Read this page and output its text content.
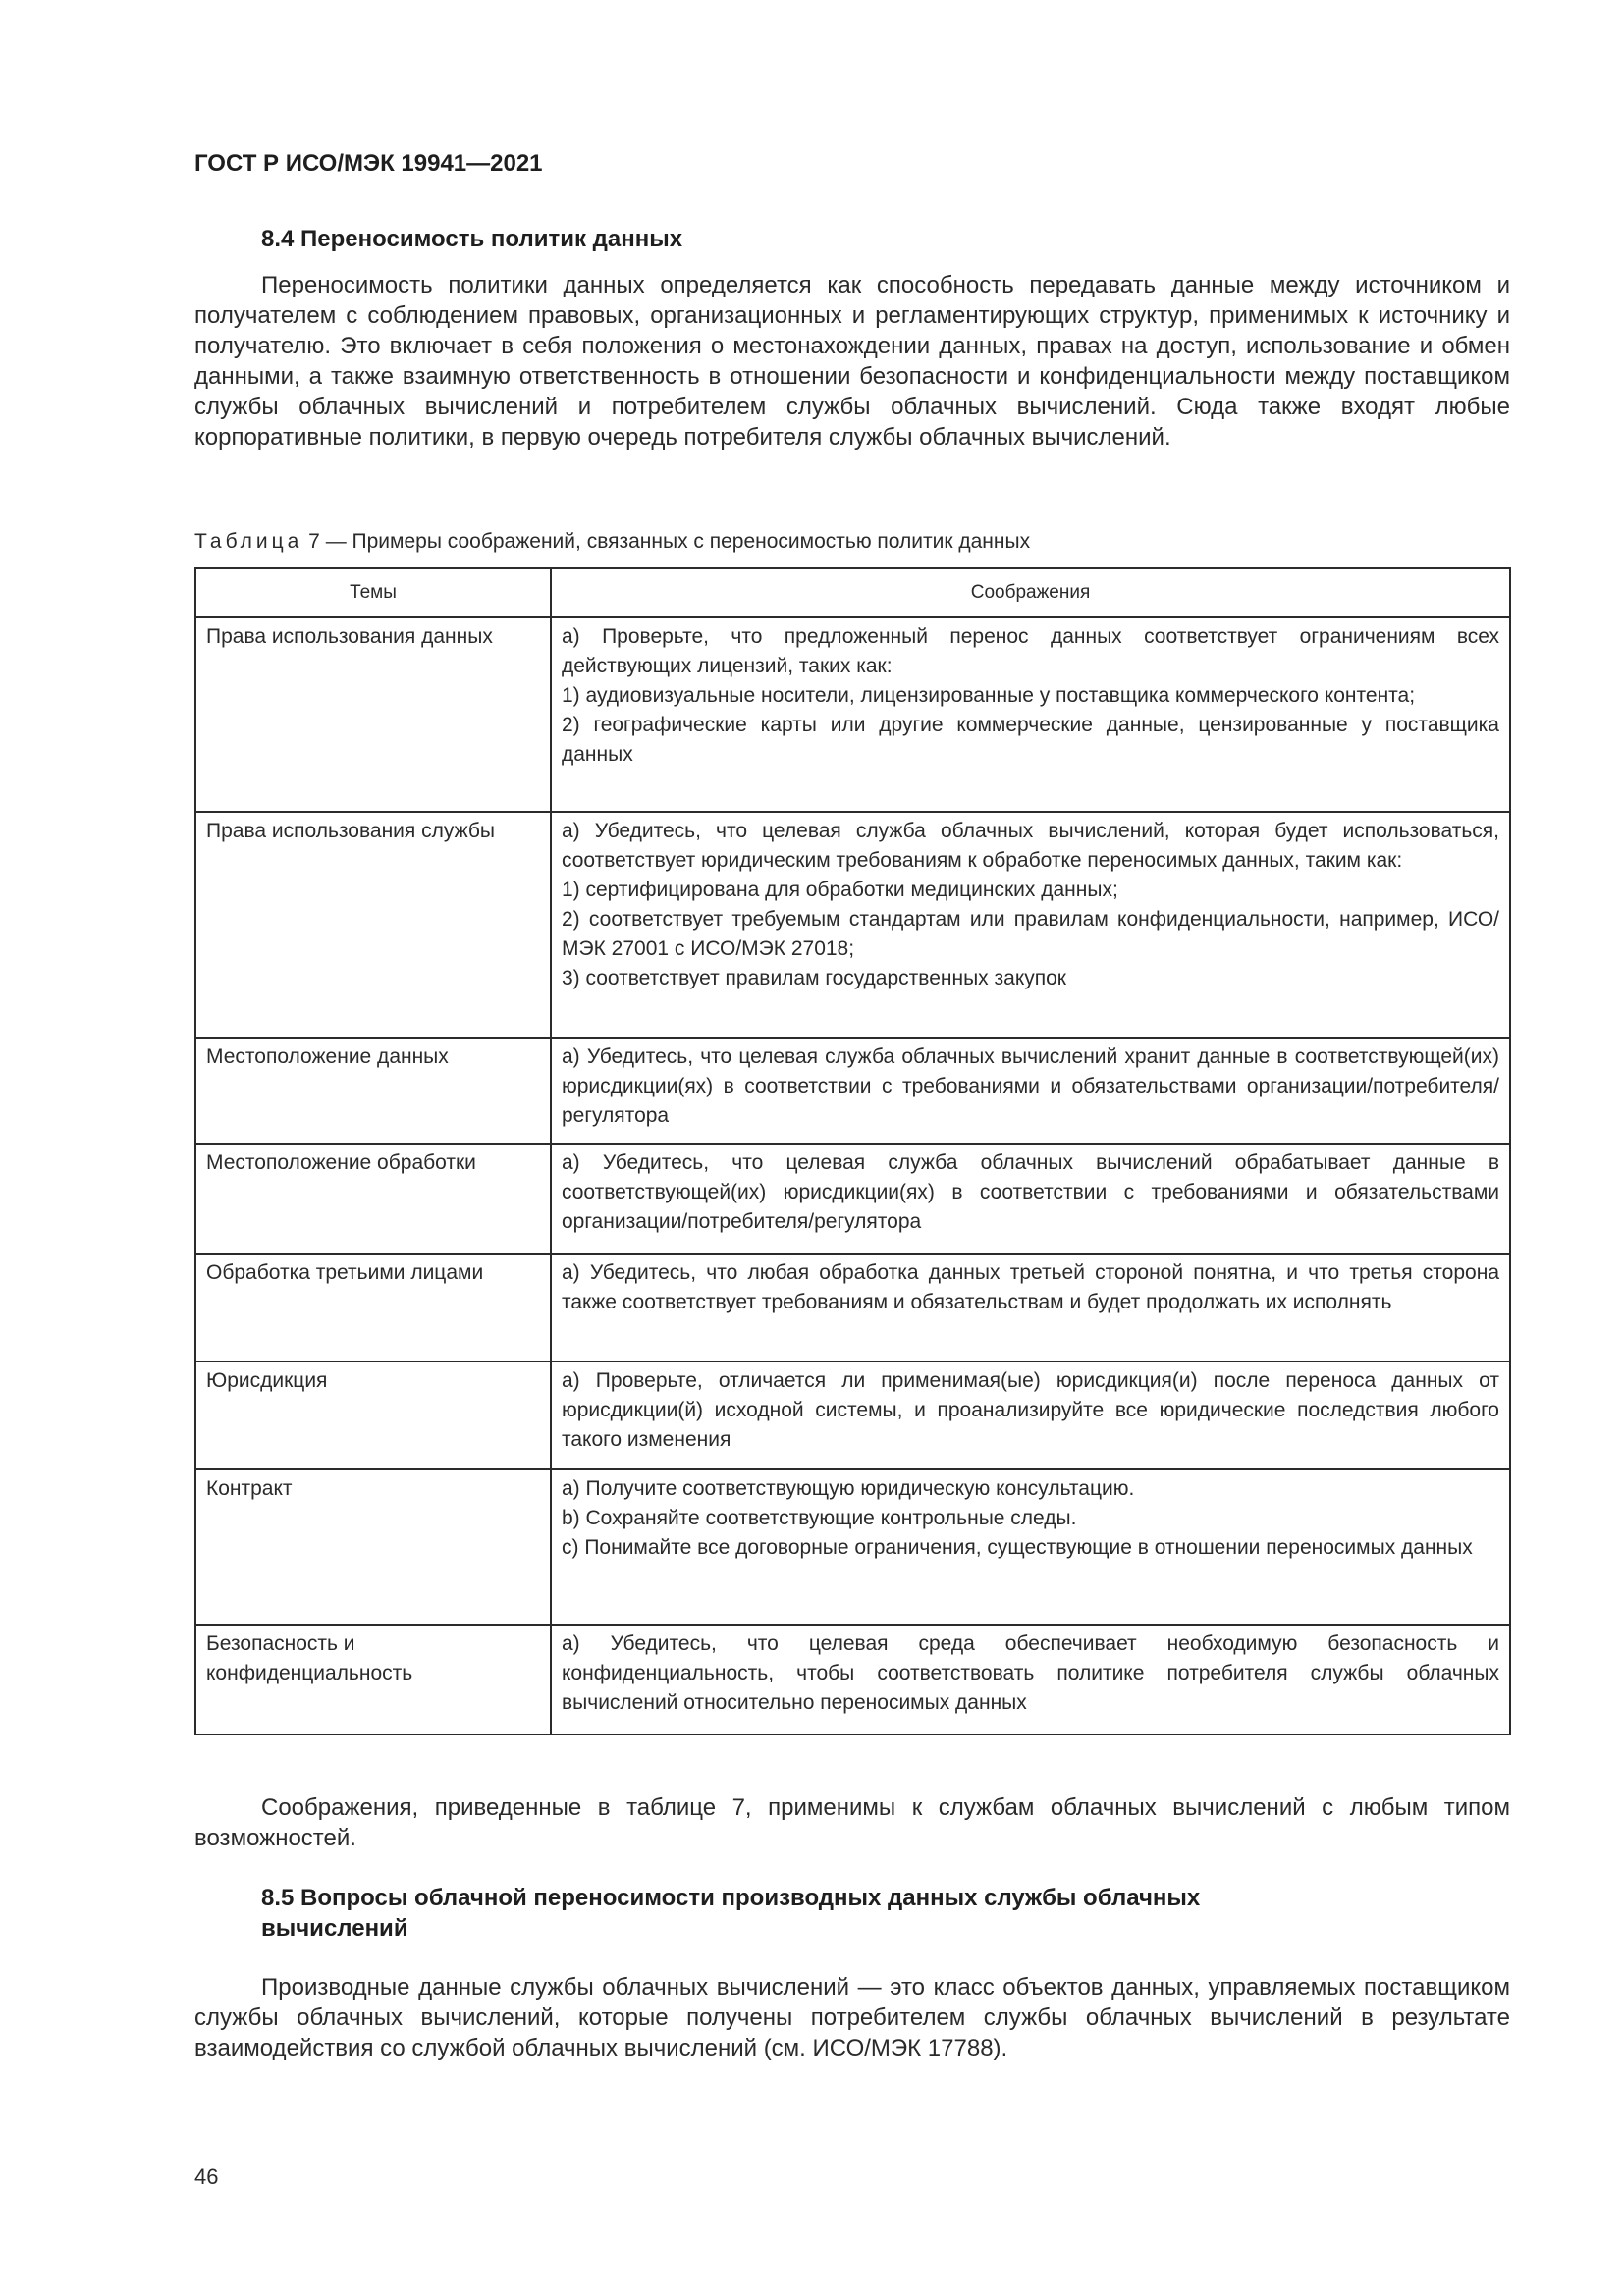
ГОСТ Р ИСО/МЭК 19941—2021
8.4 Переносимость политик данных

Переносимость политики данных определяется как способность передавать данные между источником и получателем с соблюдением правовых, организационных и регламентирующих структур, применимых к источнику и получателю. Это включает в себя положения о местонахождении данных, правах на доступ, использование и обмен данными, а также взаимную ответственность в отношении безопасности и конфиденциальности между поставщиком службы облачных вычислений и потребителем службы облачных вычислений. Сюда также входят любые корпоративные политики, в первую очередь потребителя службы облачных вычислений.

Таблица 7 — Примеры соображений, связанных с переносимостью политик данных
Темы	Соображения
Права использования данных	а) Проверьте, что предложенный перенос данных соответствует ограничениям всех действующих лицензий, таких как:
1) аудиовизуальные носители, лицензированные у поставщика коммерческого контента;
2) географические карты или другие коммерческие данные, цензированные у поставщика данных

Права использования службы	а) Убедитесь, что целевая служба облачных вычислений, которая будет использоваться, соответствует юридическим требованиям к обработке переносимых данных, таким как:
1) сертифицирована для обработки медицинских данных;
2) соответствует требуемым стандартам или правилам конфиденциальности, например, ИСО/МЭК 27001 с ИСО/МЭК 27018;
3) соответствует правилам государственных закупок

Местоположение данных	а) Убедитесь, что целевая служба облачных вычислений хранит данные в соответствующей(их) юрисдикции(ях) в соответствии с требованиями и обязательствами организации/потребителя/регулятора

Местоположение обработки	а) Убедитесь, что целевая служба облачных вычислений обрабатывает данные в соответствующей(их) юрисдикции(ях) в соответствии с требованиями и обязательствами организации/потребителя/регулятора

Обработка третьими лицами	а) Убедитесь, что любая обработка данных третьей стороной понятна, и что третья сторона также соответствует требованиям и обязательствам и будет продолжать их исполнять

Юрисдикция	а) Проверьте, отличается ли применимая(ые) юрисдикция(и) после переноса данных от юрисдикции(й) исходной системы, и проанализируйте все юридические последствия любого такого изменения

Контракт	а) Получите соответствующую юридическую консультацию.
b) Сохраняйте соответствующие контрольные следы.
с) Понимайте все договорные ограничения, существующие в отношении переносимых данных

Безопасность и конфиденциальность	а) Убедитесь, что целевая среда обеспечивает необходимую безопасность и конфиденциальность, чтобы соответствовать политике потребителя службы облачных вычислений относительно переносимых данных

Соображения, приведенные в таблице 7, применимы к службам облачных вычислений с любым типом возможностей.

8.5 Вопросы облачной переносимости производных данных службы облачных
вычислений

Производные данные службы облачных вычислений — это класс объектов данных, управляемых поставщиком службы облачных вычислений, которые получены потребителем службы облачных вычислений в результате взаимодействия со службой облачных вычислений (см. ИСО/МЭК 17788).

46
